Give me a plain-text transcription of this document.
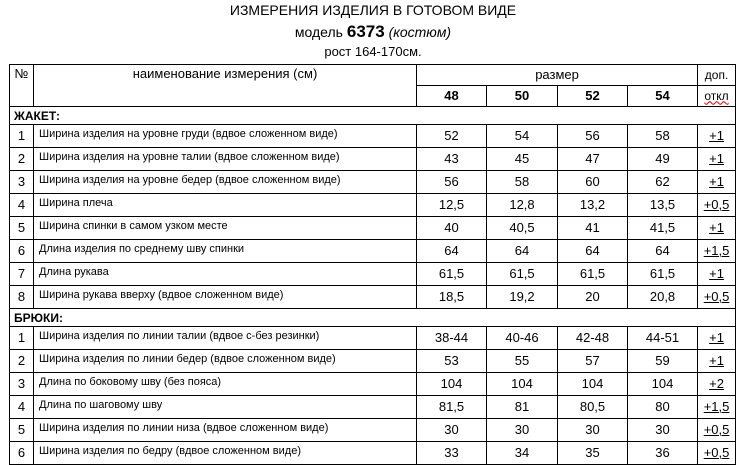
ИЗМЕРЕНИЯ ИЗДЕЛИЯ В ГОТОВОМ ВИДЕ
модель 6373 (костюм)
рост 164-170см.
№	наименование измерения (см)	размер				доп.
		48	50	52	54	откл
ЖАКЕТ:						
1	Ширина изделия на уровне груди (вдвое сложенном виде)	52	54	56	58	+1
2	Ширина изделия на уровне талии (вдвое сложенном виде)	43	45	47	49	+1
3	Ширина изделия на уровне бедер (вдвое сложенном виде)	56	58	60	62	+1
4	Ширина плеча	12,5	12,8	13,2	13,5	+0,5
5	Ширина спинки в самом узком месте	40	40,5	41	41,5	+1
6	Длина изделия по среднему шву спинки	64	64	64	64	+1,5
7	Длина рукава	61,5	61,5	61,5	61,5	+1
8	Ширина рукава вверху (вдвое сложенном виде)	18,5	19,2	20	20,8	+0,5
БРЮКИ:						
1	Ширина изделия по линии талии (вдвое с-без резинки)	38-44	40-46	42-48	44-51	+1
2	Ширина изделия по линии бедер (вдвое сложенном виде)	53	55	57	59	+1
3	Длина по боковому шву (без пояса)	104	104	104	104	+2
4	Длина по шаговому шву	81,5	81	80,5	80	+1,5
5	Ширина изделия по линии низа (вдвое сложенном виде)	30	30	30	30	+0,5
6	Ширина изделия по бедру (вдвое сложенном виде)	33	34	35	36	+0,5
